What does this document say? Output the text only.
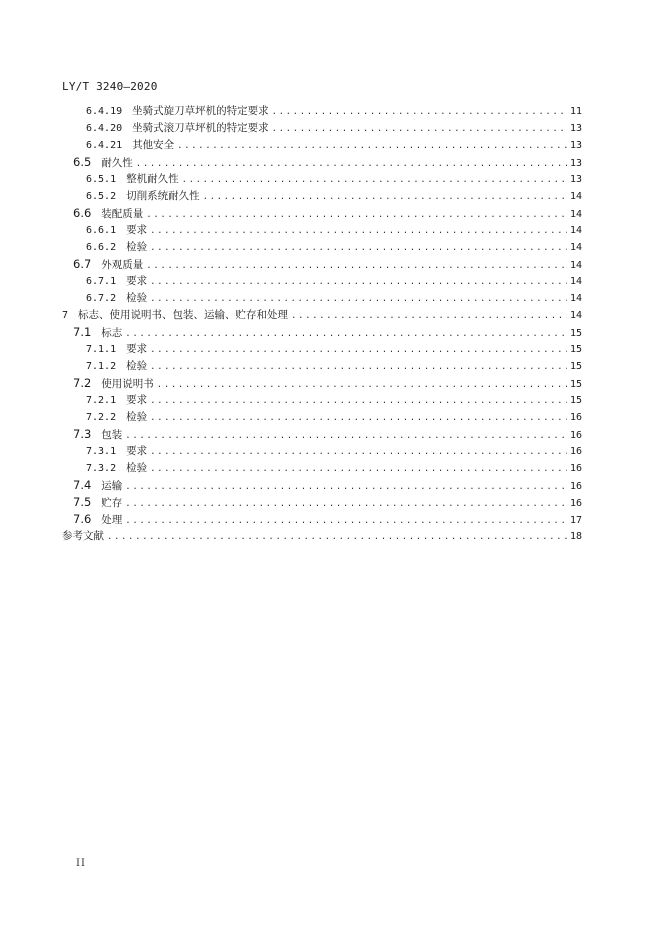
LY/T 3240—2020
6.4.19 坐骑式旋刀草坪机的特定要求 .....	11
6.4.20 坐骑式滚刀草坪机的特定要求 .....	13
6.4.21 其他安全 .....	13
6.5 耐久性 .....	13
6.5.1 整机耐久性 .....	13
6.5.2 切削系统耐久性 .....	14
6.6 装配质量 .....	14
6.6.1 要求 .....	14
6.6.2 检验 .....	14
6.7 外观质量 .....	14
6.7.1 要求 .....	14
6.7.2 检验 .....	14
7 标志、使用说明书、包装、运输、贮存和处理 .....	14
7.1 标志 .....	15
7.1.1 要求 .....	15
7.1.2 检验 .....	15
7.2 使用说明书 .....	15
7.2.1 要求 .....	15
7.2.2 检验 .....	16
7.3 包装 .....	16
7.3.1 要求 .....	16
7.3.2 检验 .....	16
7.4 运输 .....	16
7.5 贮存 .....	16
7.6 处理 .....	17
参考文献 .....	18
II
